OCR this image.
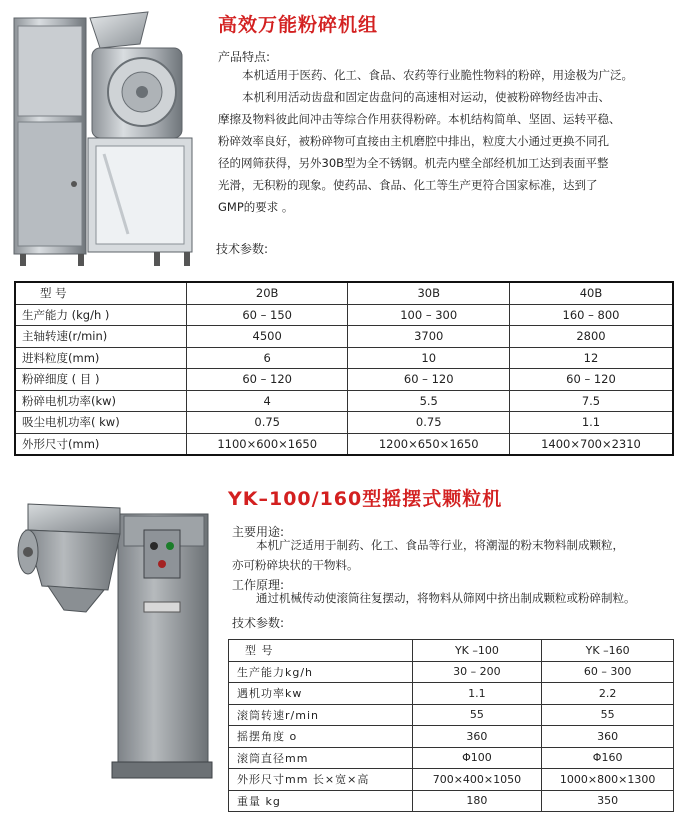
高效万能粉碎机组
产品特点:
本机适用于医药、化工、食品、农药等行业脆性物料的粉碎，用途极为广泛。
本机利用活动齿盘和固定齿盘问的高速相对运动，使被粉碎物经齿冲击、
摩擦及物料彼此间冲击等综合作用获得粉碎。本机结构简单、坚固、运转平稳、
粉碎效率良好，被粉碎物可直接由主机磨腔中排出，粒度大小通过更换不同孔
径的网筛获得，另外30B型为全不锈钢。机壳内壁全部经机加工达到表面平整
光滑，无积粉的现象。使药品、食品、化工等生产更符合国家标准，达到了
GMP的要求 。
技术参数:
型 号	20B	30B	40B
生产能力 (kg/h )	60 – 150	100 – 300	160 – 800
主轴转速(r/min)	4500	3700	2800
进料粒度(mm)	6	10	12
粉碎细度 ( 目 )	60 – 120	60 – 120	60 – 120
粉碎电机功率(kw)	4	5.5	7.5
吸尘电机功率( kw)	0.75	0.75	1.1
外形尺寸(mm)	1100×600×1650	1200×650×1650	1400×700×2310
YK–100/160型摇摆式颗粒机
主要用途:
本机广泛适用于制药、化工、食品等行业，将潮湿的粉末物料制成颗粒，
亦可粉碎块状的干物料。
工作原理:
通过机械传动使滚筒往复摆动，将物料从筛网中挤出制成颗粒或粉碎制粒。
技术参数:
型 号	YK –100	YK –160
生产能力kg/h	30 – 200	60 – 300
遇机功率kw	1.1	2.2
滚筒转速r/min	55	55
摇摆角度 o	360	360
滚筒直径mm	Φ100	Φ160
外形尺寸mm 长×宽×高	700×400×1050	1000×800×1300
重量 kg	180	350
